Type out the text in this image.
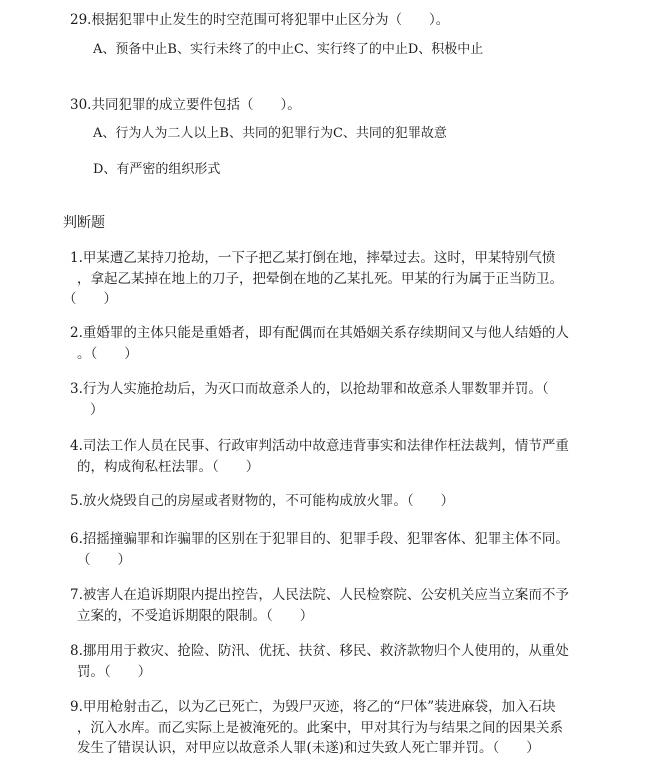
29.根据犯罪中止发生的时空范围可将犯罪中止区分为（　　）。
A、预备中止B、实行未终了的中止C、实行终了的中止D、积极中止
30.共同犯罪的成立要件包括（　　）。
A、行为人为二人以上B、共同的犯罪行为C、共同的犯罪故意
D、有严密的组织形式
判断题
1.甲某遭乙某持刀抢劫，一下子把乙某打倒在地，摔晕过去。这时，甲某特别气愤
，拿起乙某掉在地上的刀子，把晕倒在地的乙某扎死。甲某的行为属于正当防卫。
（　　）
2.重婚罪的主体只能是重婚者，即有配偶而在其婚姻关系存续期间又与他人结婚的人
。（　　）
3.行为人实施抢劫后，为灭口而故意杀人的，以抢劫罪和故意杀人罪数罪并罚。（
）
4.司法工作人员在民事、行政审判活动中故意违背事实和法律作枉法裁判，情节严重
的，构成徇私枉法罪。（　　）
5.放火烧毁自己的房屋或者财物的，不可能构成放火罪。（　　）
6.招摇撞骗罪和诈骗罪的区别在于犯罪目的、犯罪手段、犯罪客体、犯罪主体不同。
（　　）
7.被害人在追诉期限内提出控告，人民法院、人民检察院、公安机关应当立案而不予
立案的，不受追诉期限的限制。（　　）
8.挪用用于救灾、抢险、防汛、优抚、扶贫、移民、救济款物归个人使用的，从重处
罚。（　　）
9.甲用枪射击乙，以为乙已死亡，为毁尸灭迹，将乙的“尸体”装进麻袋，加入石块
，沉入水库。而乙实际上是被淹死的。此案中，甲对其行为与结果之间的因果关系
发生了错误认识，对甲应以故意杀人罪(未遂)和过失致人死亡罪并罚。（　　）
